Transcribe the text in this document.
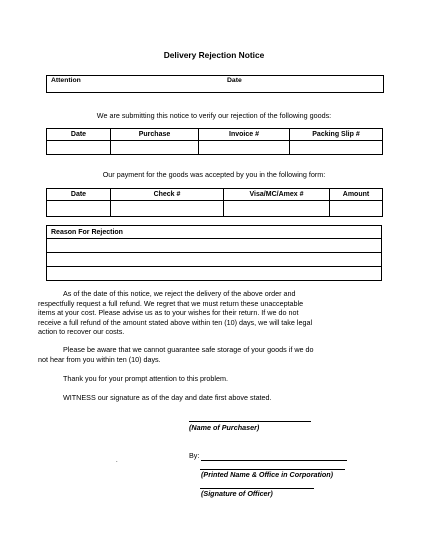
Delivery Rejection Notice
Attention	Date
We are submitting this notice to verify our rejection of the following goods:
Date	Purchase	Invoice #	Packing Slip #

Our payment for the goods was accepted by you in the following form:
Date	Check #	Visa/MC/Amex #	Amount

Reason For Rejection

As of the date of this notice, we reject the delivery of the above order and
respectfully request a full refund. We regret that we must return these unacceptable
items at your cost. Please advise us as to your wishes for their return. If we do not
receive a full refund of the amount stated above within ten (10) days, we will take legal
action to recover our costs.
Please be aware that we cannot guarantee safe storage of your goods if we do
not hear from you within ten (10) days.
Thank you for your prompt attention to this problem.
WITNESS our signature as of the day and date first above stated.
(Name of Purchaser)
By:
.
(Printed Name & Office in Corporation)
(Signature of Officer)
